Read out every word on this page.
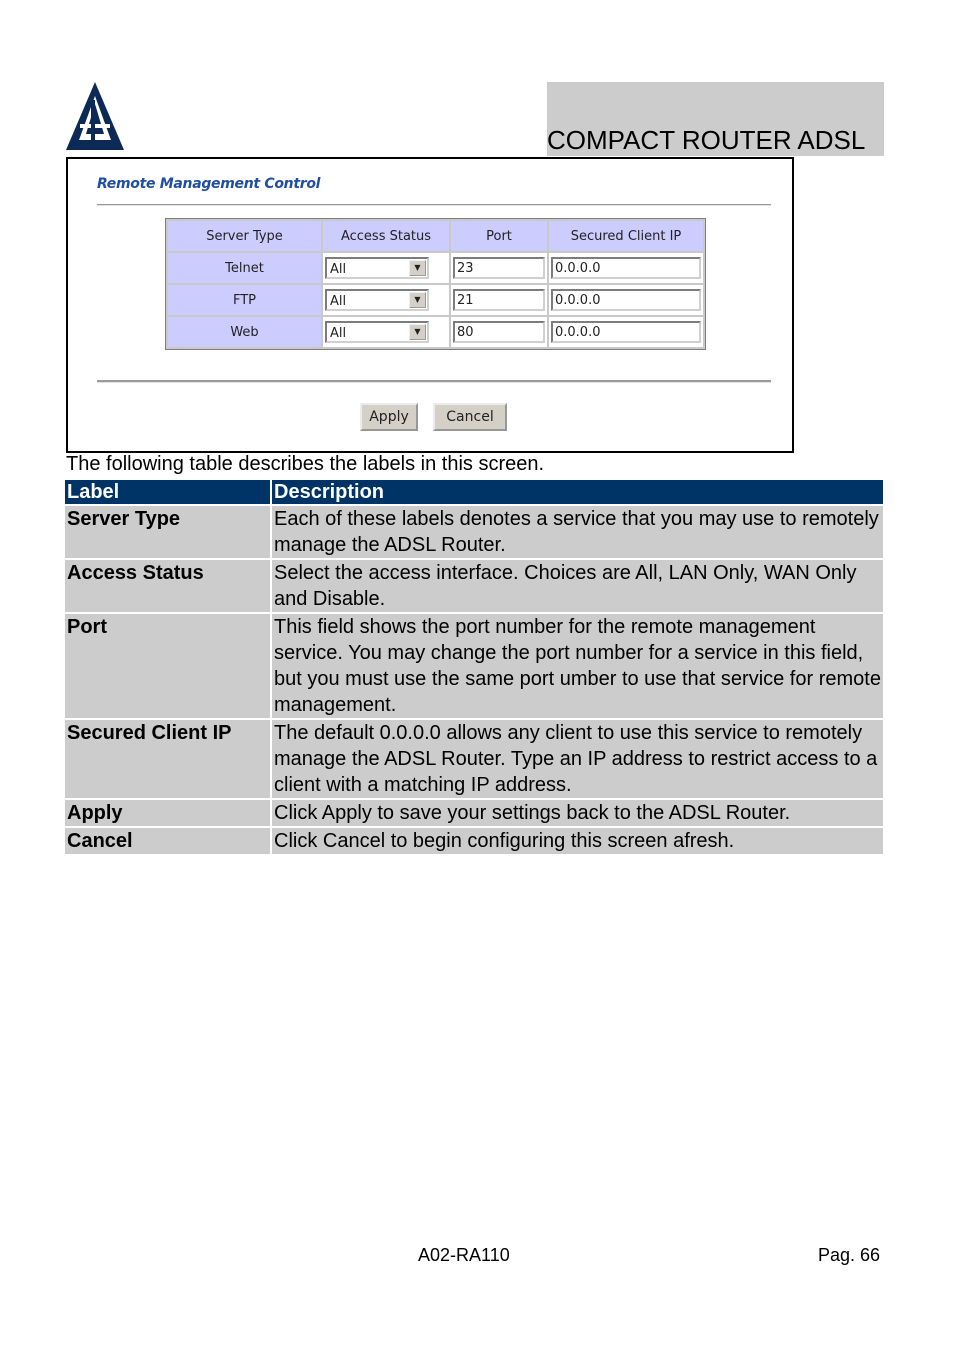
COMPACT ROUTER ADSL
Remote Management Control
Server Type	Access Status	Port	Secured Client IP
Telnet	All ▼	23	0.0.0.0
FTP	All ▼	21	0.0.0.0
Web	All ▼	80	0.0.0.0
Apply	Cancel
The following table describes the labels in this screen.
Label	Description
Server Type	Each of these labels denotes a service that you may use to remotely manage the ADSL Router.
Access Status	Select the access interface. Choices are All, LAN Only, WAN Only and Disable.
Port	This field shows the port number for the remote management service. You may change the port number for a service in this field, but you must use the same port umber to use that service for remote management.
Secured Client IP	The default 0.0.0.0 allows any client to use this service to remotely manage the ADSL Router. Type an IP address to restrict access to a client with a matching IP address.
Apply	Click Apply to save your settings back to the ADSL Router.
Cancel	Click Cancel to begin configuring this screen afresh.
A02-RA110	Pag. 66
